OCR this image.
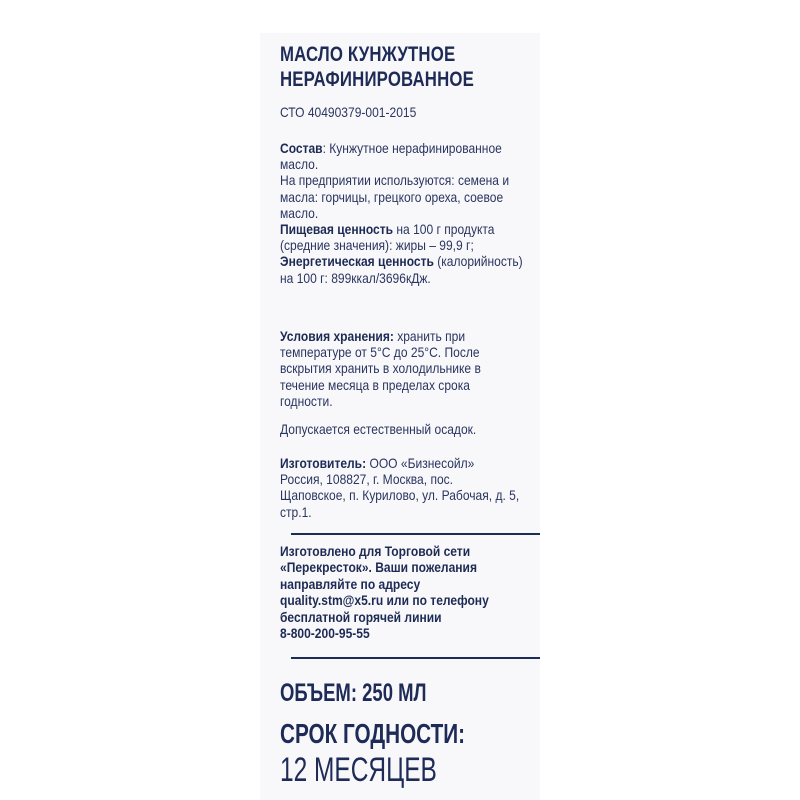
МАСЛО КУНЖУТНОЕ
НЕРАФИНИРОВАННОЕ
СТО 40490379-001-2015
Состав: Кунжутное нерафинированное
масло.
На предприятии используются: семена и
масла: горчицы, грецкого ореха, соевое
масло.
Пищевая ценность на 100 г продукта
(средние значения): жиры – 99,9 г;
Энергетическая ценность (калорийность)
на 100 г: 899ккал/3696кДж.
Условия хранения: хранить при
температуре от 5°С до 25°С. После
вскрытия хранить в холодильнике в
течение месяца в пределах срока
годности.
Допускается естественный осадок.
Изготовитель: ООО «Бизнесойл»
Россия, 108827, г. Москва, пос.
Щаповское, п. Курилово, ул. Рабочая, д. 5,
стр.1.
Изготовлено для Торговой сети
«Перекресток». Ваши пожелания
направляйте по адресу
quality.stm@x5.ru или по телефону
бесплатной горячей линии
8-800-200-95-55
ОБЪЕМ: 250 МЛ
СРОК ГОДНОСТИ:
12 МЕСЯЦЕВ
